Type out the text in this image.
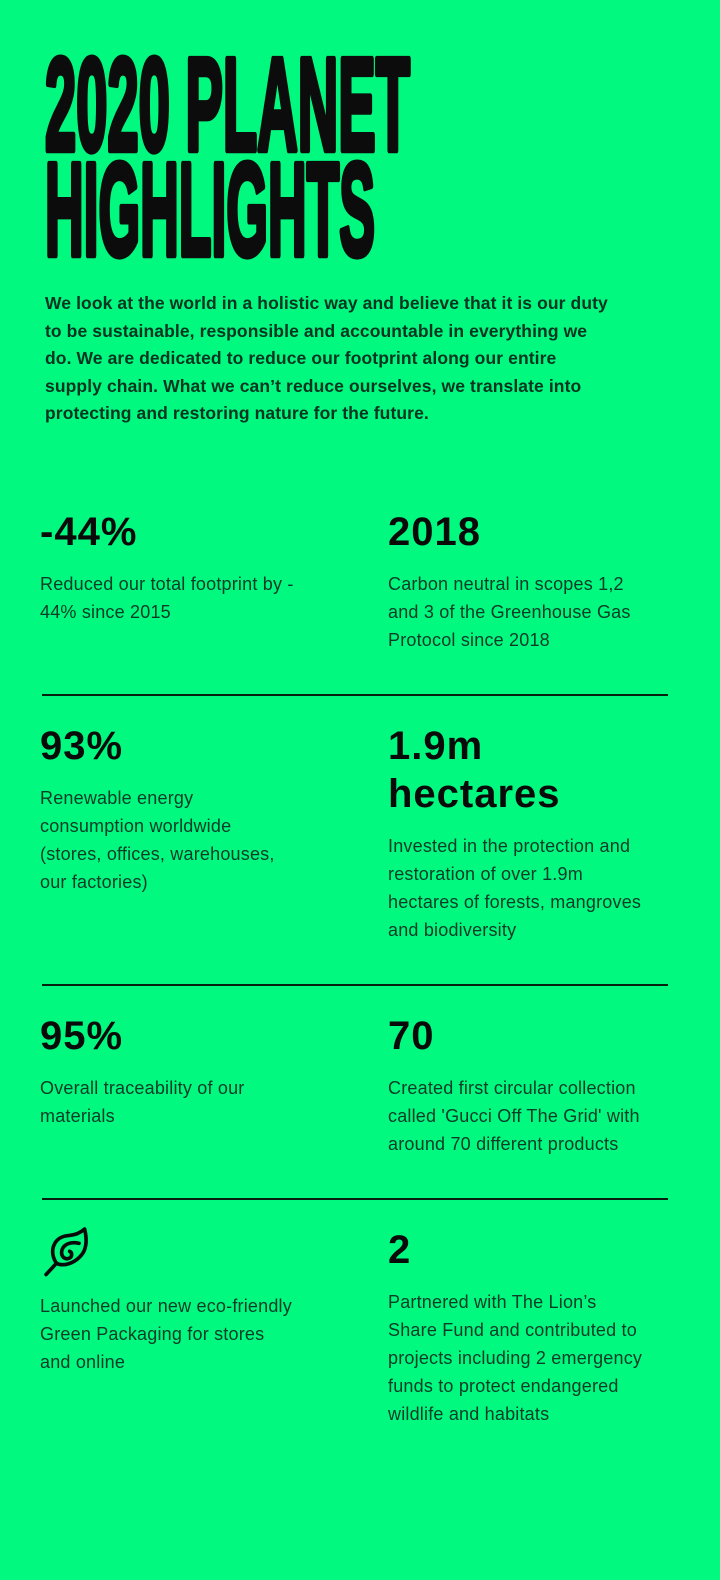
2020 PLANET
HIGHLIGHTS

We look at the world in a holistic way and believe that it is our duty to be sustainable, responsible and accountable in everything we do. We are dedicated to reduce our footprint along our entire supply chain. What we can’t reduce ourselves, we translate into protecting and restoring nature for the future.

-44%

Reduced our total footprint by - 44% since 2015

2018

Carbon neutral in scopes 1,2 and 3 of the Greenhouse Gas Protocol since 2018

93%

Renewable energy consumption worldwide (stores, offices, warehouses, our factories)

1.9m hectares

Invested in the protection and restoration of over 1.9m hectares of forests, mangroves and biodiversity

95%

Overall traceability of our materials

70

Created first circular collection called 'Gucci Off The Grid' with around 70 different products

Launched our new eco-friendly Green Packaging for stores and online

2

Partnered with The Lion’s Share Fund and contributed to projects including 2 emergency funds to protect endangered wildlife and habitats
